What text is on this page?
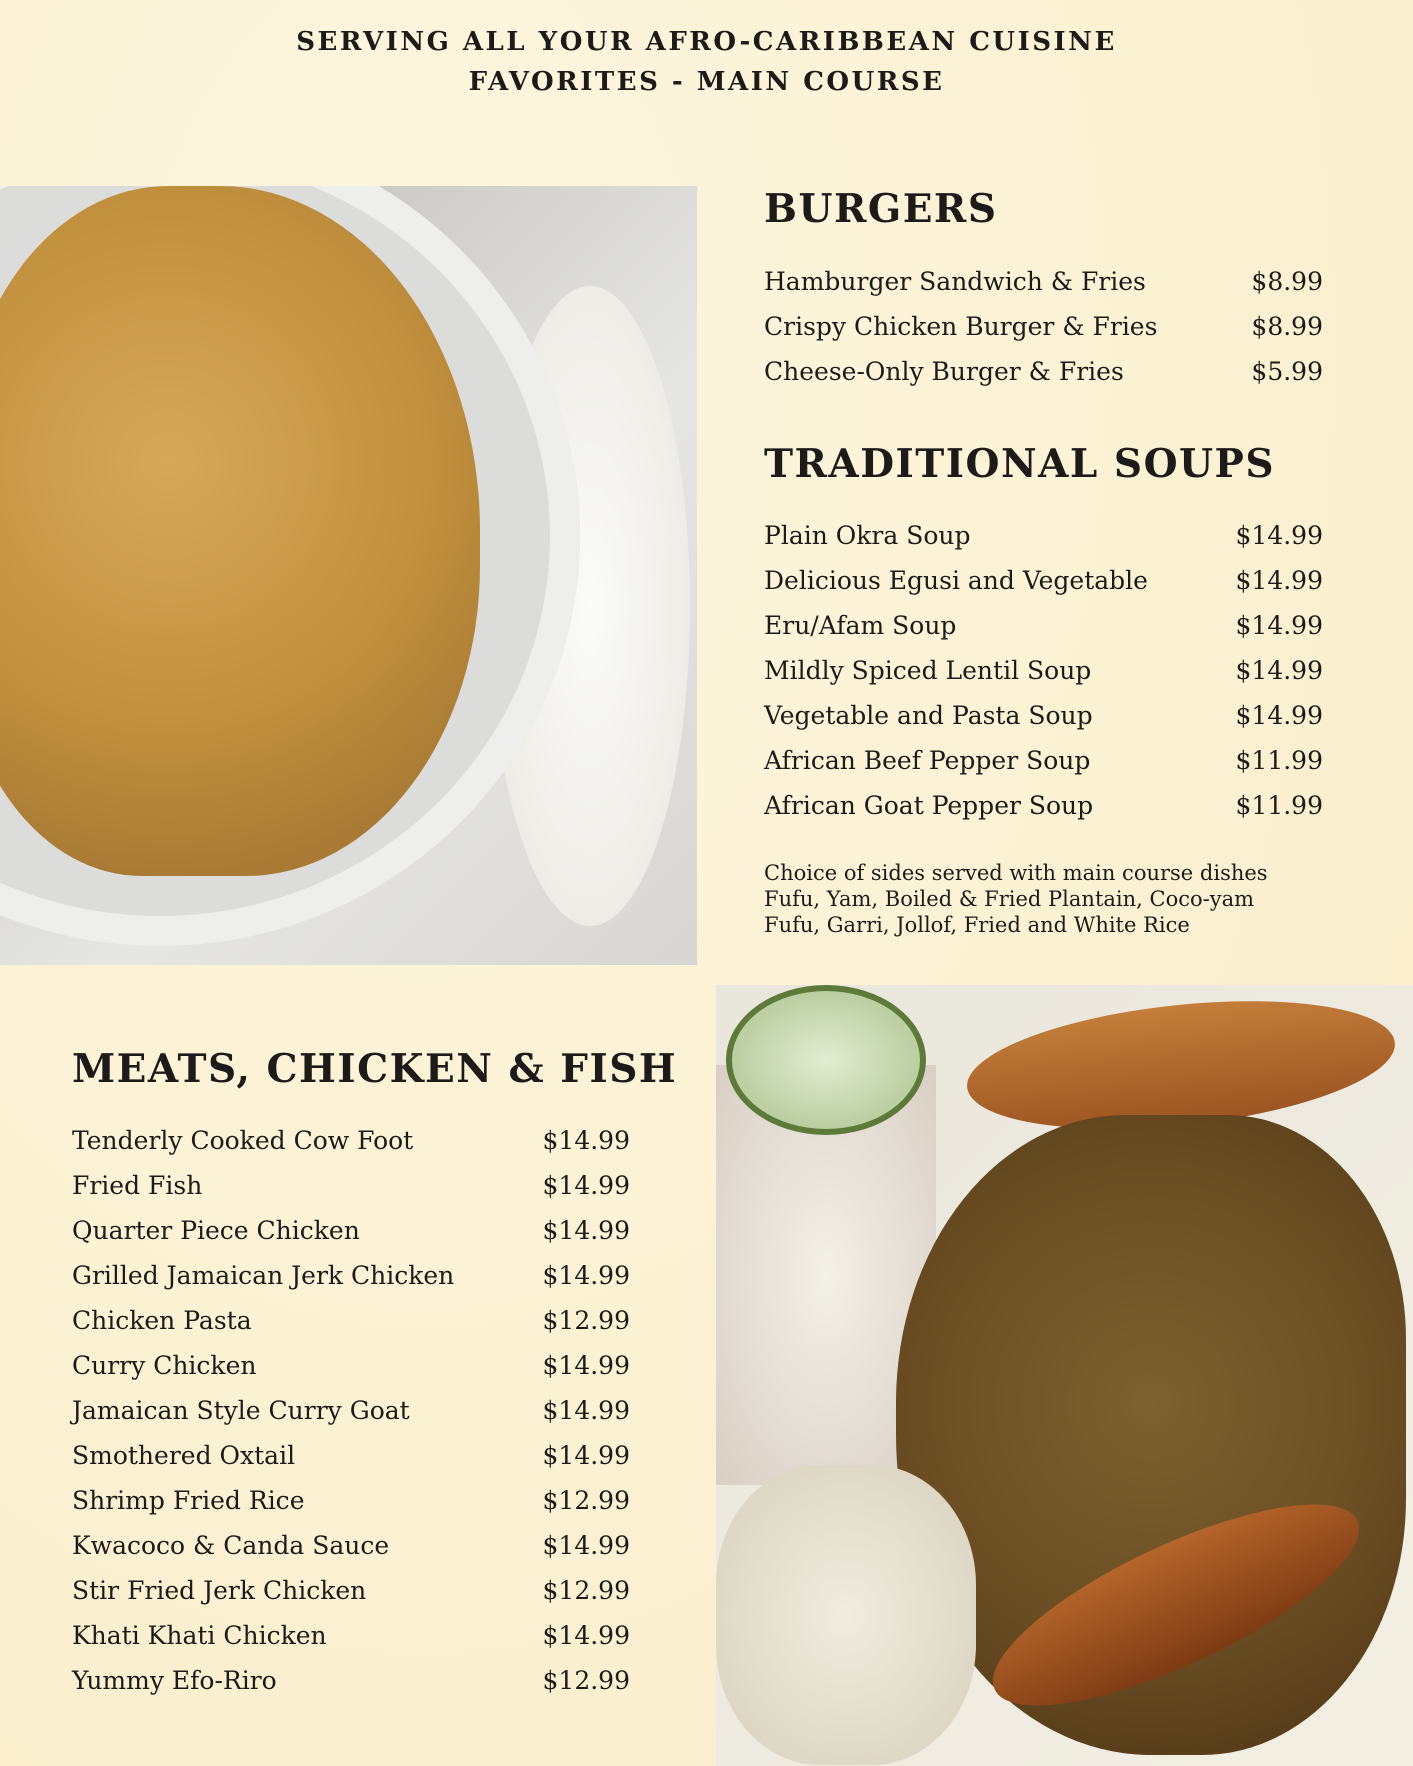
SERVING ALL YOUR AFRO-CARIBBEAN CUISINE
FAVORITES - MAIN COURSE
BURGERS
Hamburger Sandwich & Fries	$8.99
Crispy Chicken Burger & Fries	$8.99
Cheese-Only Burger & Fries	$5.99
TRADITIONAL SOUPS
Plain Okra Soup	$14.99
Delicious Egusi and Vegetable	$14.99
Eru/Afam Soup	$14.99
Mildly Spiced Lentil Soup	$14.99
Vegetable and Pasta Soup	$14.99
African Beef Pepper Soup	$11.99
African Goat Pepper Soup	$11.99
Choice of sides served with main course dishes
Fufu, Yam, Boiled & Fried Plantain, Coco-yam
Fufu, Garri, Jollof, Fried and White Rice
MEATS, CHICKEN & FISH
Tenderly Cooked Cow Foot	$14.99
Fried Fish	$14.99
Quarter Piece Chicken	$14.99
Grilled Jamaican Jerk Chicken	$14.99
Chicken Pasta	$12.99
Curry Chicken	$14.99
Jamaican Style Curry Goat	$14.99
Smothered Oxtail	$14.99
Shrimp Fried Rice	$12.99
Kwacoco & Canda Sauce	$14.99
Stir Fried Jerk Chicken	$12.99
Khati Khati Chicken	$14.99
Yummy Efo-Riro	$12.99
